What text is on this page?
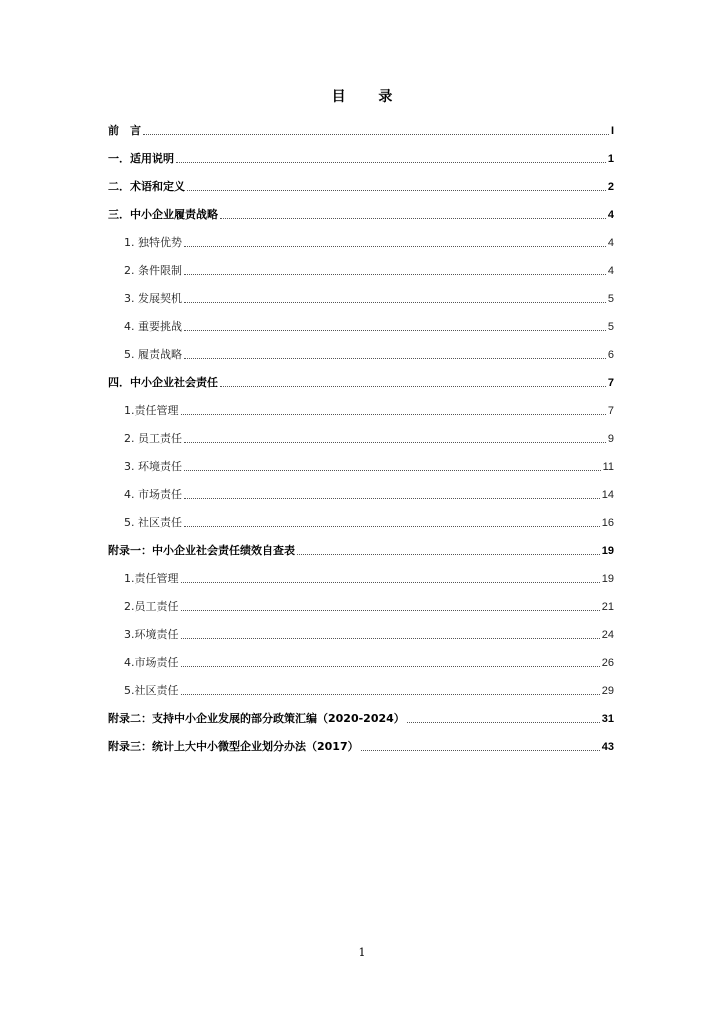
目 录
前　言	I
一．适用说明	1
二．术语和定义	2
三．中小企业履责战略	4
1. 独特优势	4
2. 条件限制	4
3. 发展契机	5
4. 重要挑战	5
5. 履责战略	6
四．中小企业社会责任	7
1.责任管理	7
2. 员工责任	9
3. 环境责任	11
4. 市场责任	14
5. 社区责任	16
附录一：中小企业社会责任绩效自查表	19
1.责任管理	19
2.员工责任	21
3.环境责任	24
4.市场责任	26
5.社区责任	29
附录二：支持中小企业发展的部分政策汇编（2020-2024）	31
附录三：统计上大中小微型企业划分办法（2017）	43
1
